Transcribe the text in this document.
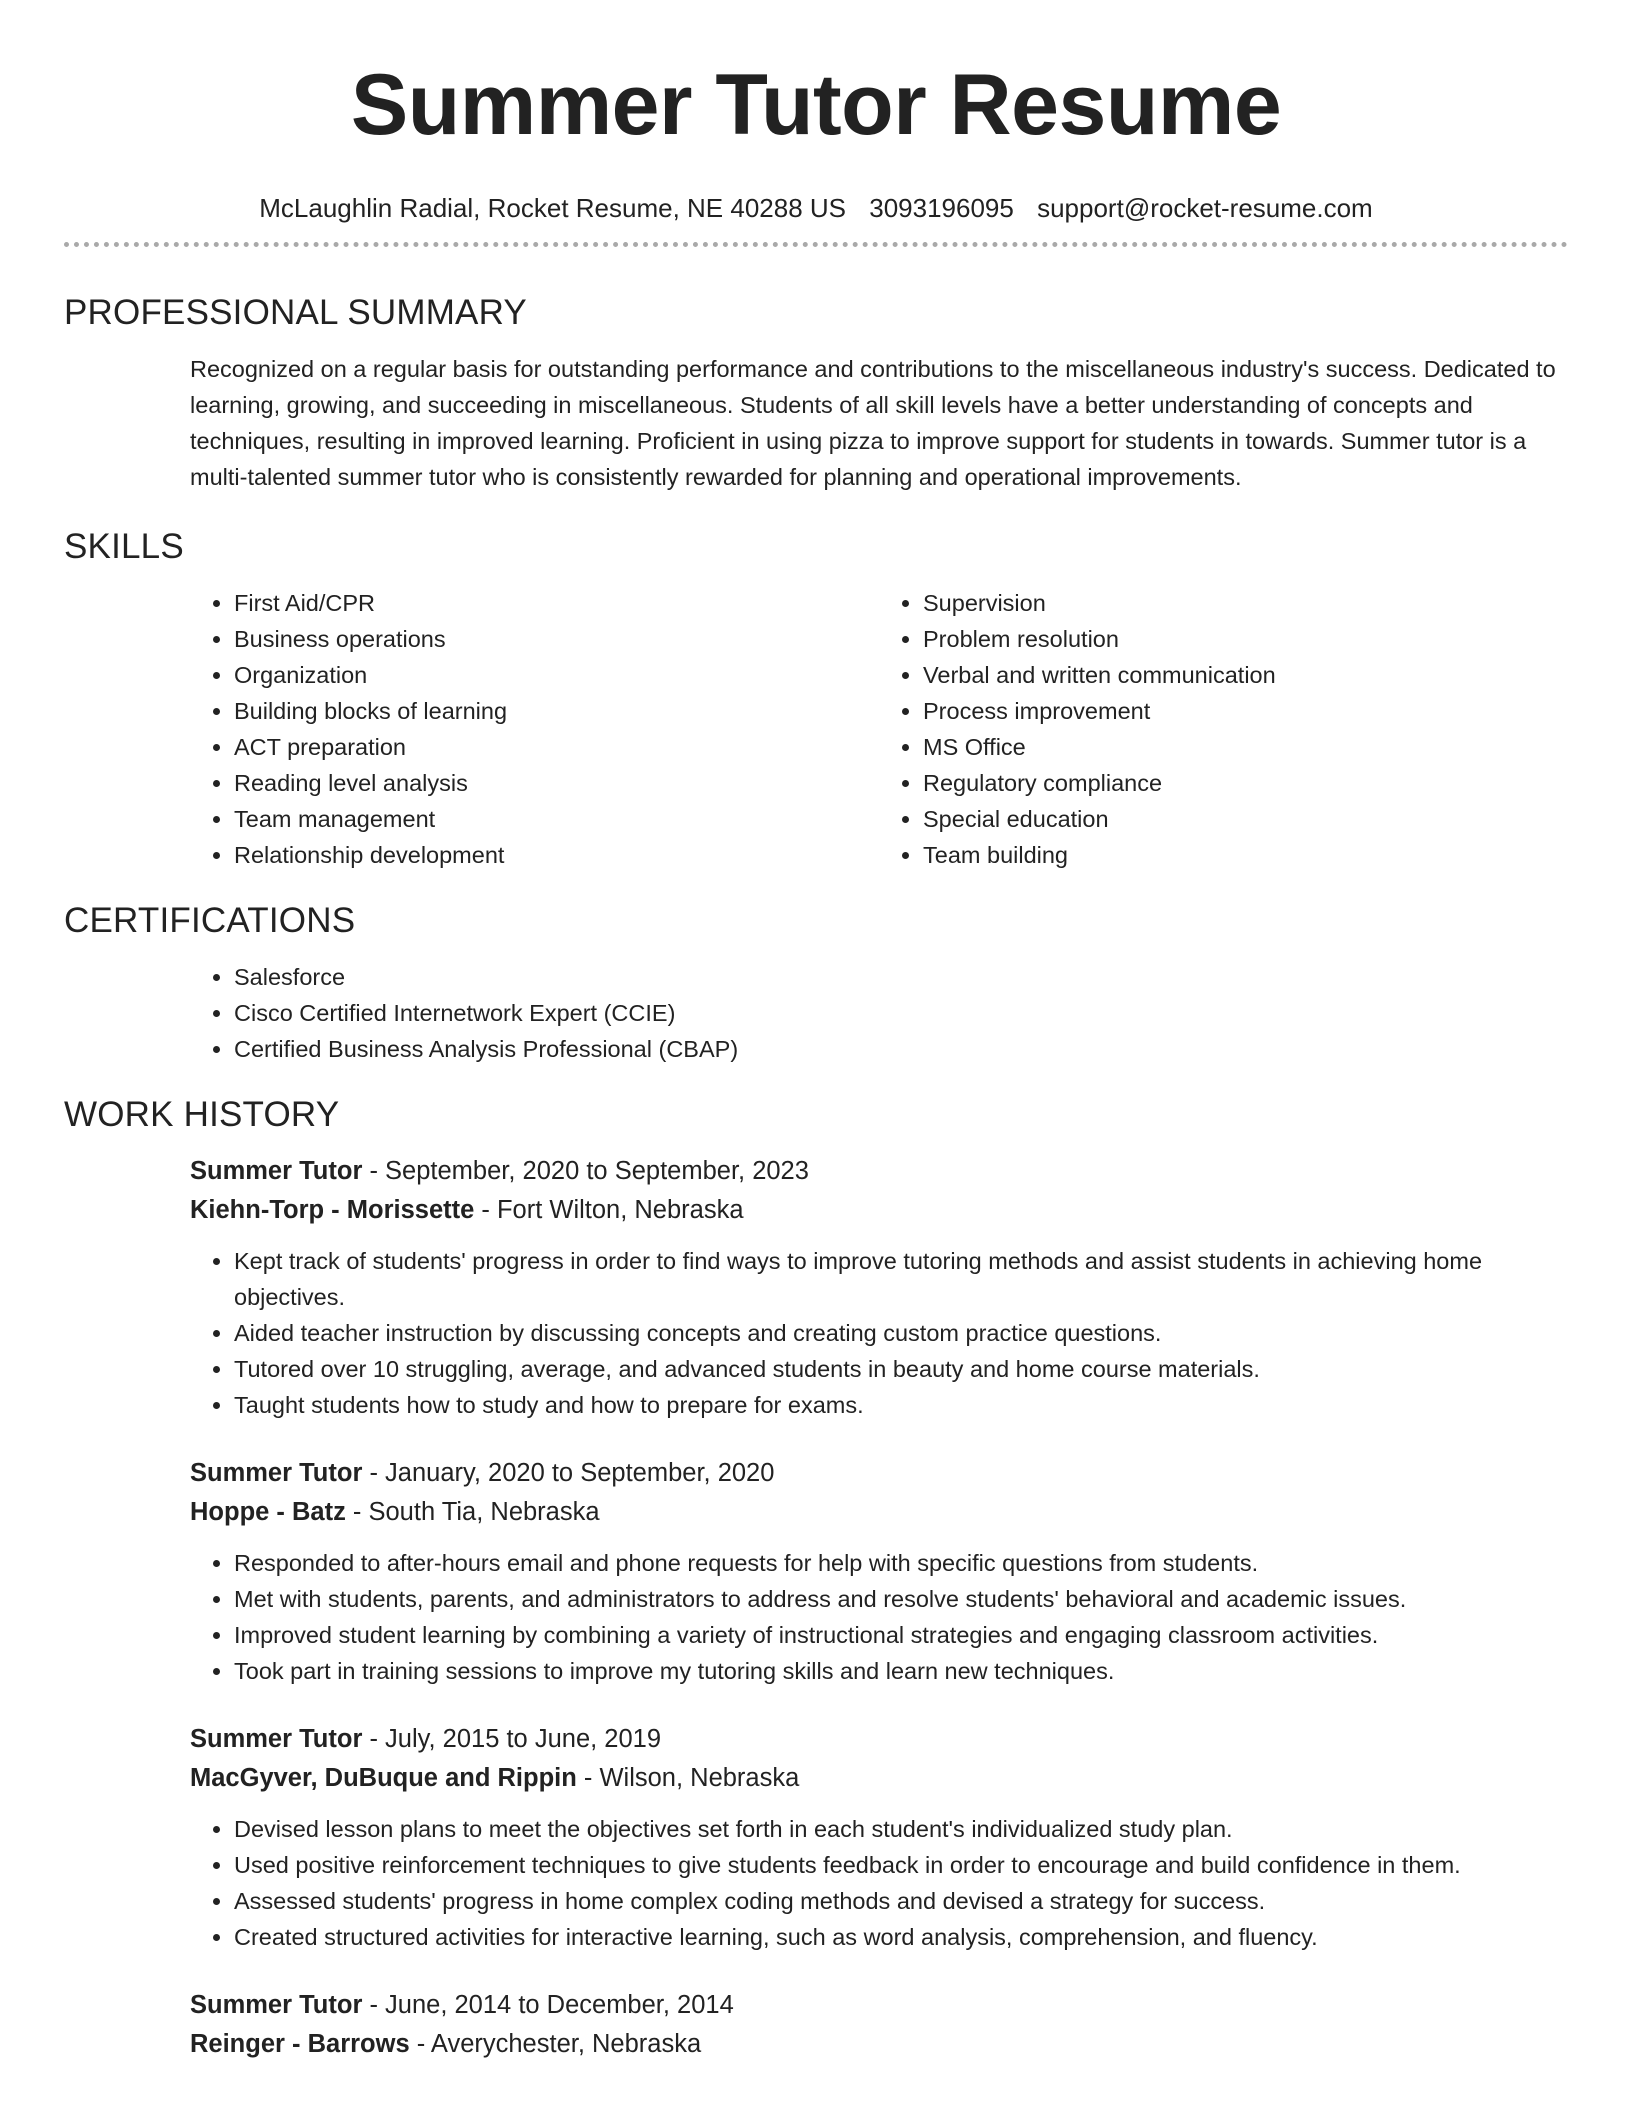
Summer Tutor Resume
McLaughlin Radial, Rocket Resume, NE 40288 US 3093196095 support@rocket-resume.com
PROFESSIONAL SUMMARY

Recognized on a regular basis for outstanding performance and contributions to the miscellaneous industry's success. Dedicated to learning, growing, and succeeding in miscellaneous. Students of all skill levels have a better understanding of concepts and techniques, resulting in improved learning. Proficient in using pizza to improve support for students in towards. Summer tutor is a multi-talented summer tutor who is consistently rewarded for planning and operational improvements.

SKILLS
• First Aid/CPR
• Business operations
• Organization
• Building blocks of learning
• ACT preparation
• Reading level analysis
• Team management
• Relationship development
• Supervision
• Problem resolution
• Verbal and written communication
• Process improvement
• MS Office
• Regulatory compliance
• Special education
• Team building
CERTIFICATIONS
• Salesforce
• Cisco Certified Internetwork Expert (CCIE)
• Certified Business Analysis Professional (CBAP)
WORK HISTORY
Summer Tutor - September, 2020 to September, 2023
Kiehn-Torp - Morissette - Fort Wilton, Nebraska
• Kept track of students' progress in order to find ways to improve tutoring methods and assist students in achieving home objectives.
• Aided teacher instruction by discussing concepts and creating custom practice questions.
• Tutored over 10 struggling, average, and advanced students in beauty and home course materials.
• Taught students how to study and how to prepare for exams.
Summer Tutor - January, 2020 to September, 2020
Hoppe - Batz - South Tia, Nebraska
• Responded to after-hours email and phone requests for help with specific questions from students.
• Met with students, parents, and administrators to address and resolve students' behavioral and academic issues.
• Improved student learning by combining a variety of instructional strategies and engaging classroom activities.
• Took part in training sessions to improve my tutoring skills and learn new techniques.
Summer Tutor - July, 2015 to June, 2019
MacGyver, DuBuque and Rippin - Wilson, Nebraska
• Devised lesson plans to meet the objectives set forth in each student's individualized study plan.
• Used positive reinforcement techniques to give students feedback in order to encourage and build confidence in them.
• Assessed students' progress in home complex coding methods and devised a strategy for success.
• Created structured activities for interactive learning, such as word analysis, comprehension, and fluency.
Summer Tutor - June, 2014 to December, 2014
Reinger - Barrows - Averychester, Nebraska
